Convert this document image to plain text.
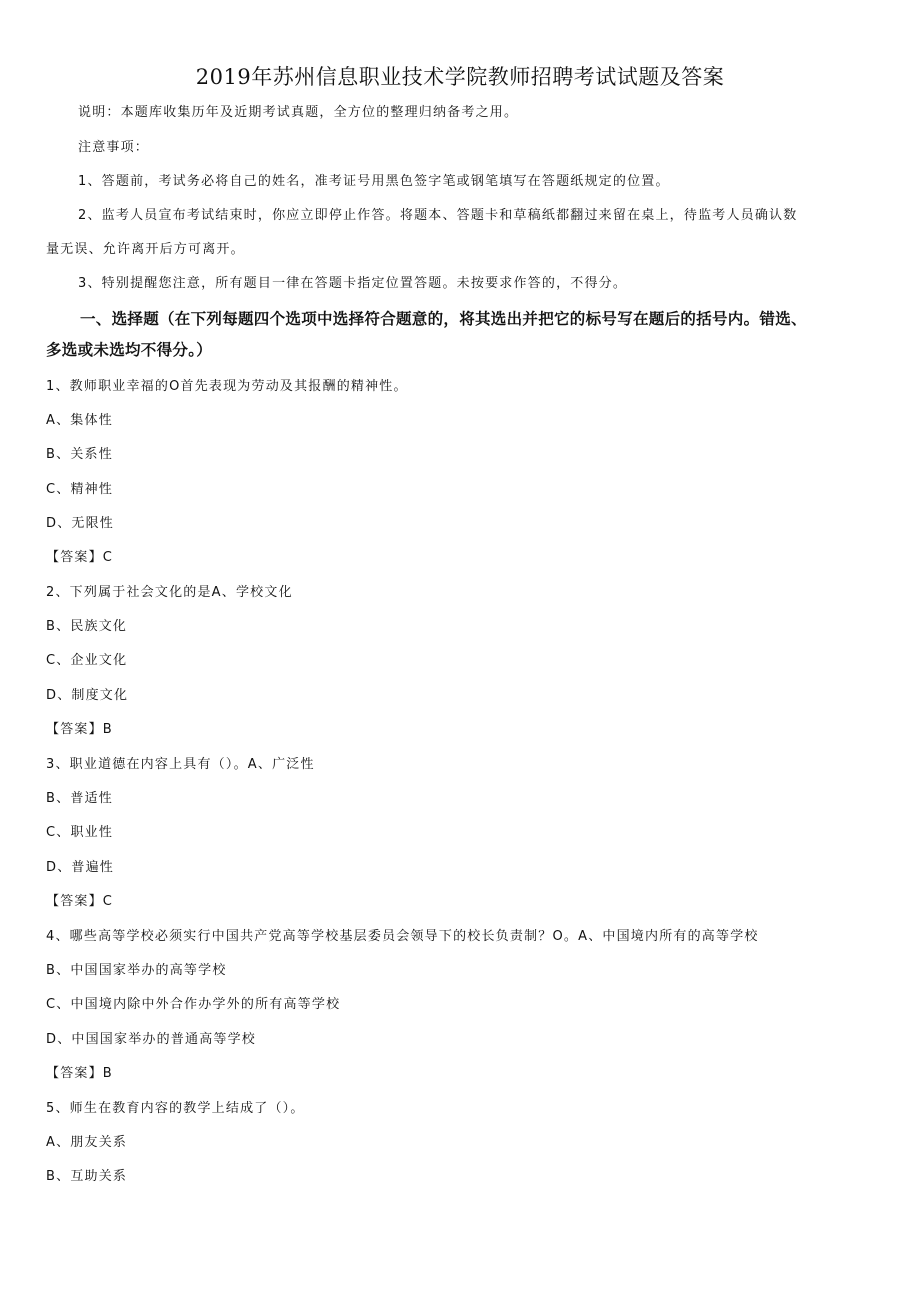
2019年苏州信息职业技术学院教师招聘考试试题及答案
说明：本题库收集历年及近期考试真题，全方位的整理归纳备考之用。
注意事项：
1、答题前，考试务必将自己的姓名，准考证号用黑色签字笔或钢笔填写在答题纸规定的位置。
2、监考人员宣布考试结束时，你应立即停止作答。将题本、答题卡和草稿纸都翻过来留在桌上，待监考人员确认数
量无误、允许离开后方可离开。
3、特别提醒您注意，所有题目一律在答题卡指定位置答题。未按要求作答的，不得分。
一、选择题（在下列每题四个选项中选择符合题意的，将其选出并把它的标号写在题后的括号内。错选、
多选或未选均不得分。）
1、教师职业幸福的O首先表现为劳动及其报酬的精神性。
A、集体性
B、关系性
C、精神性
D、无限性
【答案】C
2、下列属于社会文化的是A、学校文化
B、民族文化
C、企业文化
D、制度文化
【答案】B
3、职业道德在内容上具有（）。A、广泛性
B、普适性
C、职业性
D、普遍性
【答案】C
4、哪些高等学校必须实行中国共产党高等学校基层委员会领导下的校长负责制？O。A、中国境内所有的高等学校
B、中国国家举办的高等学校
C、中国境内除中外合作办学外的所有高等学校
D、中国国家举办的普通高等学校
【答案】B
5、师生在教育内容的教学上结成了（）。
A、朋友关系
B、互助关系
